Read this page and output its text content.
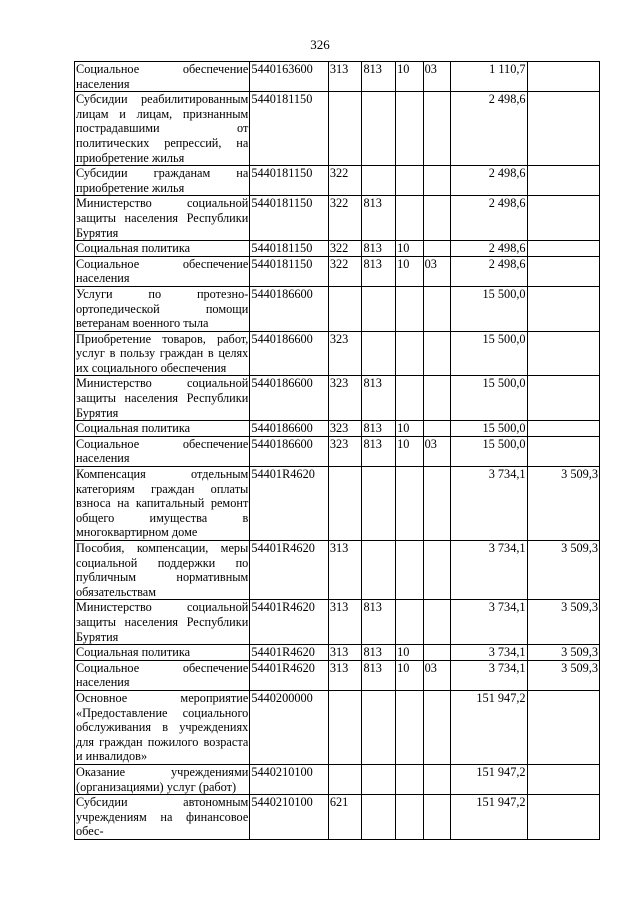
326
Социальное обеспечение населения	5440163600	313	813	10	03	1 110,7	
Субсидии реабилитированным лицам и лицам, признанным пострадавшими от политических репрессий, на приобретение жилья	5440181150					2 498,6	
Субсидии гражданам на приобретение жилья	5440181150	322				2 498,6	
Министерство социальной защиты населения Республики Бурятия	5440181150	322	813			2 498,6	
Социальная политика	5440181150	322	813	10		2 498,6	
Социальное обеспечение населения	5440181150	322	813	10	03	2 498,6	
Услуги по протезно-ортопедической помощи ветеранам военного тыла	5440186600					15 500,0	
Приобретение товаров, работ, услуг в пользу граждан в целях их социального обеспечения	5440186600	323				15 500,0	
Министерство социальной защиты населения Республики Бурятия	5440186600	323	813			15 500,0	
Социальная политика	5440186600	323	813	10		15 500,0	
Социальное обеспечение населения	5440186600	323	813	10	03	15 500,0	
Компенсация отдельным категориям граждан оплаты взноса на капитальный ремонт общего имущества в многоквартирном доме	54401R4620					3 734,1	3 509,3
Пособия, компенсации, меры социальной поддержки по публичным нормативным обязательствам	54401R4620	313				3 734,1	3 509,3
Министерство социальной защиты населения Республики Бурятия	54401R4620	313	813			3 734,1	3 509,3
Социальная политика	54401R4620	313	813	10		3 734,1	3 509,3
Социальное обеспечение населения	54401R4620	313	813	10	03	3 734,1	3 509,3
Основное мероприятие «Предоставление социального обслуживания в учреждениях для граждан пожилого возраста и инвалидов»	5440200000					151 947,2	
Оказание учреждениями (организациями) услуг (работ)	5440210100					151 947,2	
Субсидии автономным учреждениям на финансовое обес-	5440210100	621				151 947,2	
